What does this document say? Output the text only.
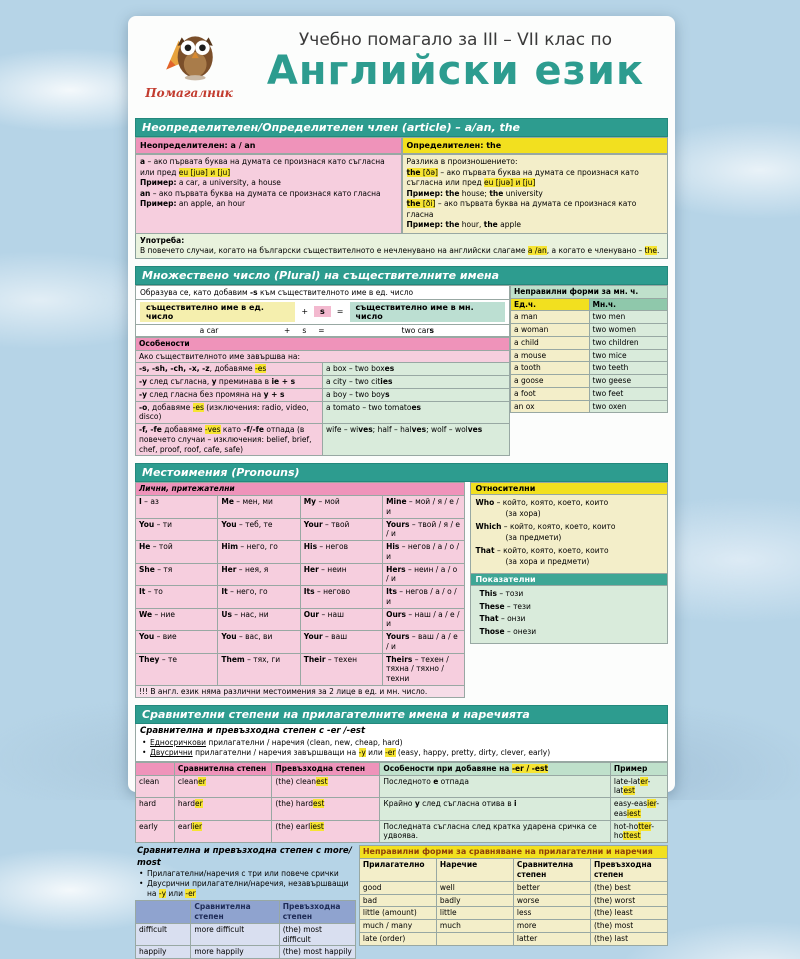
Помагалник
Учебно помагало за III – VII клас по
Английски език
Неопределителен/Определителен член (article) – a/an, the
Неопределителен: a / an	Определителен: the
a – ако първата буква на думата се произнася като съгласна или пред eu [juə] и [ju]
Пример: a car, a university, a house
an – ако първата буква на думата се произнася като гласна
Пример: an apple, an hour
Разлика в произношението:
the [ðə] – ако първата буква на думата се произнася като съгласна или пред eu [juə] и [ju]
Пример: the house; the university
the [ði] – ако първата буква на думата се произнася като гласна
Пример: the hour, the apple
Употреба:
В повечето случаи, когато на български съществителното е нечленувано на английски слагаме a /an, а когато е членувано – the.
Множествено число (Plural) на съществителните имена
Образува се, като добавим -s към съществителното име в ед. число
съществително име в ед. число	+	s	=	съществително име в мн. число
a car	+	s	=	two cars
Особености	
Ако съществителното име завършва на:	
-s, -sh, -ch, -x, -z, добавяме -es	a box – two boxes
-y след съгласна, y преминава в ie + s	a city – two cities
-y след гласна без промяна на y + s	a boy – two boys
-o, добавяме -es (изключения: radio, video, disco)	a tomato – two tomatoes
-f, -fe добавяме -ves като -f/-fe отпада (в повечето случаи – изключения: belief, brief, chef, proof, roof, cafe, safe)	wife – wives; half – halves; wolf – wolves
Неправилни форми за мн. ч.	
Ед.ч.	Мн.ч.
a man	two men
a woman	two women
a child	two children
a mouse	two mice
a tooth	two teeth
a goose	two geese
a foot	two feet
an ox	two oxen
Местоимения (Pronouns)
Лични, притежателни			
I – аз	Me – мен, ми	My – мой	Mine – мой / я / е / и
You – ти	You – теб, те	Your – твой	Yours – твой / я / е / и
He – той	Him – него, го	His – негов	His – негов / а / о / и
She – тя	Her – нея, я	Her – неин	Hers – неин / а / о / и
It – то	It – него, го	Its – негово	Its – негов / а / о / и
We – ние	Us – нас, ни	Our – наш	Ours – наш / а / е / и
You – вие	You – вас, ви	Your – ваш	Yours – ваш / а / е / и
They – те	Them – тях, ги	Their – техен	Theirs – техен / тяхна / тяхно / техни
!!! В англ. език няма различни местоимения за 2 лице в ед. и мн. число.
Относителни
Who – който, която, което, които
(за хора)
Which – който, която, което, които
(за предмети)
That – който, която, което, които
(за хора и предмети)
Показателни
This – този
These – тези
That – онзи
Those – онези
Сравнителни степени на прилагателните имена и наречията
Сравнителна и превъзходна степен с -er /-est
• Едносричкови прилагателни / наречия (clean, new, cheap, hard)
• Двусрични прилагателни / наречия завършващи на -y или -er (easy, happy, pretty, dirty, clever, early)
	Сравнителна степен	Превъзходна степен	Особености при добавяне на -er / -est	Пример
clean	cleaner	(the) cleanest	Последното e отпада	late-later-latest
hard	harder	(the) hardest	Крайно y след съгласна отива в i	easy-easier-easiest
early	earlier	(the) earliest	Последната съгласна след кратка ударена сричка се удвоява.	hot-hotter-hottest
Сравнителна и превъзходна степен с more/ most
• Прилагателни/наречия с три или повече срички
• Двусрични прилагателни/наречия, незавършващи на -y или -er
	Сравнителна степен	Превъзходна степен
difficult	more difficult	(the) most difficult
happily	more happily	(the) most happily
Неправилни форми за сравняване на прилагателни и наречия			
Прилагателно	Наречие	Сравнителна степен	Превъзходна степен
good	well	better	(the) best
bad	badly	worse	(the) worst
little (amount)	little	less	(the) least
much / many	much	more	(the) most
late (order)		latter	(the) last
